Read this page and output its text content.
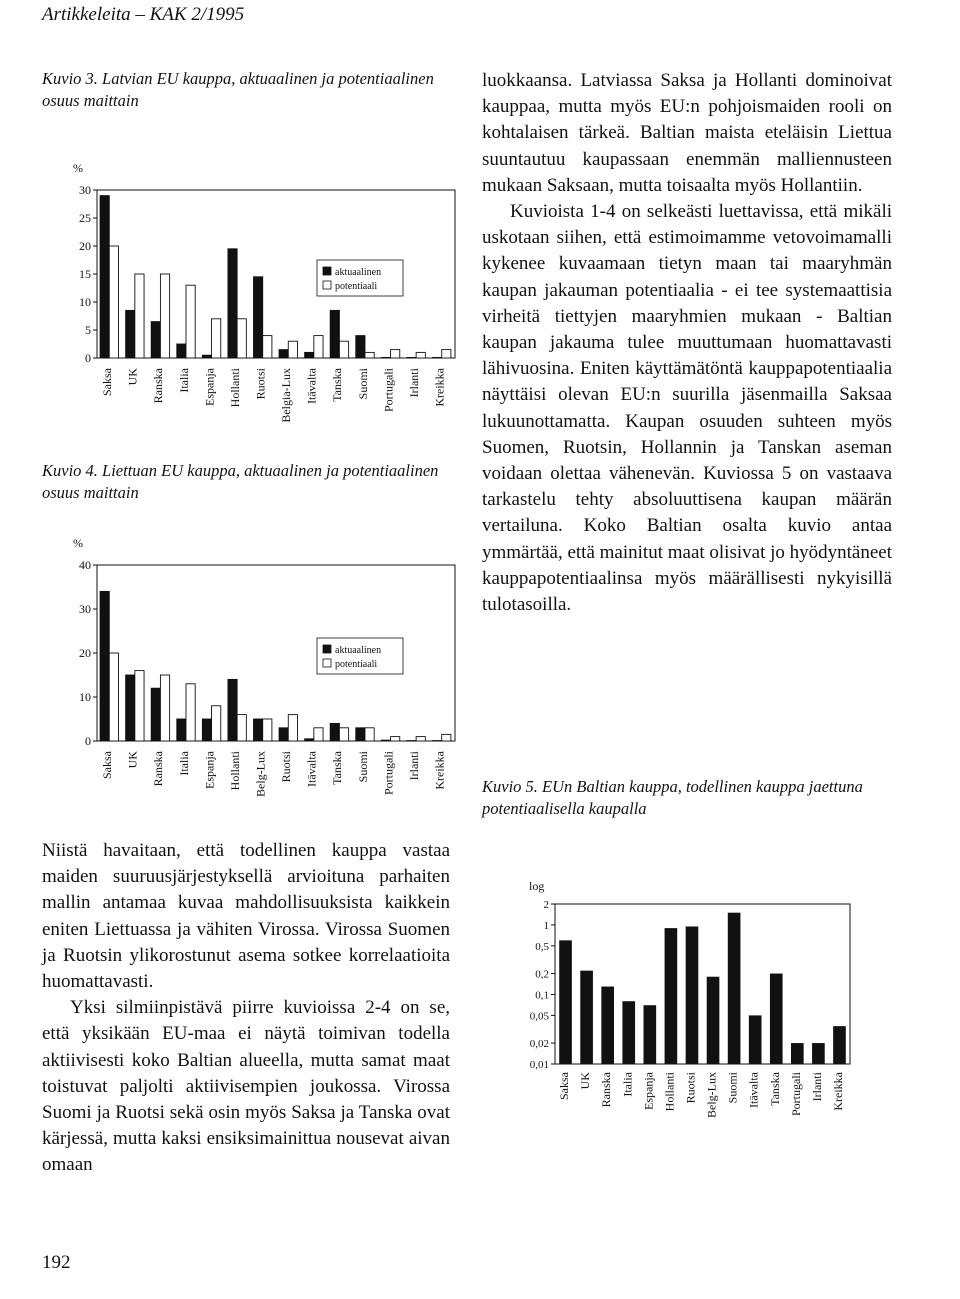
Artikkeleita – KAK 2/1995
Kuvio 3. Latvian EU kauppa, aktuaalinen ja potentiaalinen osuus maittain
%
0
5
10
15
20
25
30
Saksa UK Ranska Italia Espanja Hollanti Ruotsi Belgia-Lux Itävalta Tanska Suomi Portugali Irlanti Kreikka
aktuaalinen
potentiaali
Kuvio 4. Liettuan EU kauppa, aktuaalinen ja potentiaalinen osuus maittain
%
0
10
20
30
40
Saksa UK Ranska Italia Espanja Hollanti Belg-Lux Ruotsi Itävalta Tanska Suomi Portugali Irlanti Kreikka
aktuaalinen
potentiaali

luokkaansa. Latviassa Saksa ja Hollanti dominoivat kauppaa, mutta myös EU:n pohjoismaiden rooli on kohtalaisen tärkeä. Baltian maista eteläisin Liettua suuntautuu kaupassaan enemmän malliennusteen mukaan Saksaan, mutta toisaalta myös Hollantiin.

Kuvioista 1-4 on selkeästi luettavissa, että mikäli uskotaan siihen, että estimoimamme vetovoimamalli kykenee kuvaamaan tietyn maan tai maaryhmän kaupan jakauman potentiaalia - ei tee systemaattisia virheitä tiettyjen maaryhmien mukaan - Baltian kaupan jakauma tulee muuttumaan huomattavasti lähivuosina. Eniten käyttämätöntä kauppapotentiaalia näyttäisi olevan EU:n suurilla jäsenmailla Saksaa lukuunottamatta. Kaupan osuuden suhteen myös Suomen, Ruotsin, Hollannin ja Tanskan aseman voidaan olettaa vähenevän. Kuviossa 5 on vastaava tarkastelu tehty absoluuttisena kaupan määrän vertailuna. Koko Baltian osalta kuvio antaa ymmärtää, että mainitut maat olisivat jo hyödyntäneet kauppapotentiaalinsa myös määrällisesti nykyisillä tulotasoilla.

Kuvio 5. EUn Baltian kauppa, todellinen kauppa jaettuna potentiaalisella kaupalla
log
0,01
0,02
0,05
0,1
0,2
0,5
1
2
Saksa UK Ranska Italia Espanja Hollanti Ruotsi Belg-Lux Suomi Itävalta Tanska Portugali Irlanti Kreikka

Niistä havaitaan, että todellinen kauppa vastaa maiden suuruusjärjestyksellä arvioituna parhaiten mallin antamaa kuvaa mahdollisuuksista kaikkein eniten Liettuassa ja vähiten Virossa. Virossa Suomen ja Ruotsin ylikorostunut asema sotkee korrelaatioita huomattavasti.

Yksi silmiinpistävä piirre kuvioissa 2-4 on se, että yksikään EU-maa ei näytä toimivan todella aktiivisesti koko Baltian alueella, mutta samat maat toistuvat paljolti aktiivisempien joukossa. Virossa Suomi ja Ruotsi sekä osin myös Saksa ja Tanska ovat kärjessä, mutta kaksi ensiksimainittua nousevat aivan omaan

192
